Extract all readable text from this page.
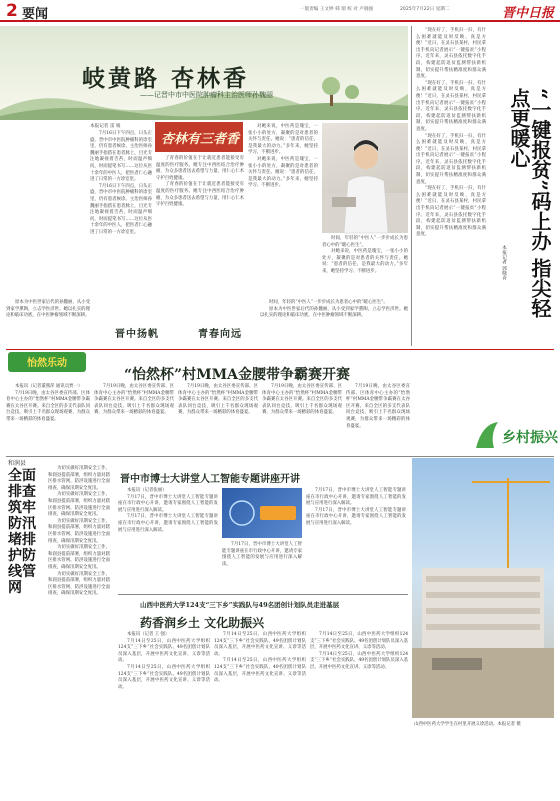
2 要闻	一版责编 王文婷 韩 瑞 校 对 卢晓强	2025年7月22日 星期二	晋中日报
岐黄路 杏林香
——记晋中市中医院肿瘤科主治医师孙魏丽
本报记者 雷 娟
杏林有三者香

7月16日下午四点，日头正盛，晋中市中医院肿瘤科的诊室里，仍有患者候诊。主治医师孙魏丽手指搭在患者脉上，目光专注地凝视着舌苔，时而温声细问，时而提笔书写……这位从医十余年的中医人，把医者仁心融进了日常的一方诊室里。

7月16日下午四点，日头正盛，晋中市中医院肿瘤科的诊室里，仍有患者候诊。主治医师孙魏丽手指搭在患者脉上，目光专注地凝视着舌苔，时而温声细问，时而提笔书写……这位从医十余年的中医人，把医者仁心融进了日常的一方诊室里。

了青春的价值在于让就近患者能接受有温度的医疗服务。她专注中西医结合治疗肿瘤，为众多患者送去希望与力量，用仁心仁术守护百姓健康。

了青春的价值在于让就近患者能接受有温度的医疗服务。她专注中西医结合治疗肿瘤，为众多患者送去希望与力量，用仁心仁术守护百姓健康。

对她来说，中医药是瑰宝，一张小小的处方，凝聚的是对患者的关怀与责任。她说：“患者的信任，是我最大的动力。”多年来，她坚持学习、不断进步。

对她来说，中医药是瑰宝，一张小小的处方，凝聚的是对患者的关怀与责任。她说：“患者的信任，是我最大的动力。”多年来，她坚持学习、不断进步。

时间，年轻的“中医人”一步步成长为患者心中的“暖心医生”。

对她来说，中医药是瑰宝，一张小小的处方，凝聚的是对患者的关怀与责任。她说：“患者的信任，是我最大的动力。”多年来，她坚持学习、不断进步。

原本为中医世家后代的孙魏丽，从小受到家学熏陶，立志学医济世。她以扎实的理论和临床功底，在中医肿瘤领域不断深耕。

晋中扬帆	青春向远

时间，年轻的“中医人”一步步成长为患者心中的“暖心医生”。

原本为中医世家后代的孙魏丽，从小受到家学熏陶，立志学医济世。她以扎实的理论和临床功底，在中医肿瘤领域不断深耕。

“现在好了，手机扫一扫，有什么困难就能及时反映，真是方便！”近日，在灵石县某村，村民拿出手机向记者展示“一键报贫”小程序。近年来，灵石县依托数字化手段，构建起防返贫监测帮扶新机制，切实提升帮扶精准度和群众满意度。

“现在好了，手机扫一扫，有什么困难就能及时反映，真是方便！”近日，在灵石县某村，村民拿出手机向记者展示“一键报贫”小程序。近年来，灵石县依托数字化手段，构建起防返贫监测帮扶新机制，切实提升帮扶精准度和群众满意度。

“现在好了，手机扫一扫，有什么困难就能及时反映，真是方便！”近日，在灵石县某村，村民拿出手机向记者展示“一键报贫”小程序。近年来，灵石县依托数字化手段，构建起防返贫监测帮扶新机制，切实提升帮扶精准度和群众满意度。

“现在好了，手机扫一扫，有什么困难就能及时反映，真是方便！”近日，在灵石县某村，村民拿出手机向记者展示“一键报贫”小程序。近年来，灵石县依托数字化手段，构建起防返贫监测帮扶新机制，切实提升帮扶精准度和群众满意度。	“一键报贫”码上办 指尖轻点更暖心
本报记者 郭晓青
怡然乐动
“怡然杯”村MMA金腰带争霸赛开赛

本报讯（记者董燕萍 通讯员贾一）

7月19日晚，由太谷区委宣传部、区体育中心主办的“怡然杯”村MMA金腰带争霸赛在太谷区开赛。来自全区的多支代表队同台竞技，吸引上千名群众现场观赛，为群众带来一场精彩的体育盛宴。

7月19日晚，由太谷区委宣传部、区体育中心主办的“怡然杯”村MMA金腰带争霸赛在太谷区开赛。来自全区的多支代表队同台竞技，吸引上千名群众现场观赛，为群众带来一场精彩的体育盛宴。

7月19日晚，由太谷区委宣传部、区体育中心主办的“怡然杯”村MMA金腰带争霸赛在太谷区开赛。来自全区的多支代表队同台竞技，吸引上千名群众现场观赛，为群众带来一场精彩的体育盛宴。

7月19日晚，由太谷区委宣传部、区体育中心主办的“怡然杯”村MMA金腰带争霸赛在太谷区开赛。来自全区的多支代表队同台竞技，吸引上千名群众现场观赛，为群众带来一场精彩的体育盛宴。

7月19日晚，由太谷区委宣传部、区体育中心主办的“怡然杯”村MMA金腰带争霸赛在太谷区开赛。来自全区的多支代表队同台竞技，吸引上千名群众现场观赛，为群众带来一场精彩的体育盛宴。

乡村振兴
和润县
全面排查 筑牢防汛 堵排 护防 线管网

为切实做好汛期安全工作，和润县提前部署，组织力量对辖区排水管网、防洪设施进行全面排查，确保汛期安全度汛。

为切实做好汛期安全工作，和润县提前部署，组织力量对辖区排水管网、防洪设施进行全面排查，确保汛期安全度汛。

为切实做好汛期安全工作，和润县提前部署，组织力量对辖区排水管网、防洪设施进行全面排查，确保汛期安全度汛。

为切实做好汛期安全工作，和润县提前部署，组织力量对辖区排水管网、防洪设施进行全面排查，确保汛期安全度汛。

为切实做好汛期安全工作，和润县提前部署，组织力量对辖区排水管网、防洪设施进行全面排查，确保汛期安全度汛。

晋中市博士大讲堂人工智能专题讲座开讲

本报讯（记者张丽）

7月17日，晋中市博士大讲堂人工智能专题讲座在市行政中心开讲，邀请专家围绕人工智能的发展与应用进行深入解读。

7月17日，晋中市博士大讲堂人工智能专题讲座在市行政中心开讲，邀请专家围绕人工智能的发展与应用进行深入解读。

7月17日，晋中市博士大讲堂人工智能专题讲座在市行政中心开讲，邀请专家围绕人工智能的发展与应用进行深入解读。

7月17日，晋中市博士大讲堂人工智能专题讲座在市行政中心开讲，邀请专家围绕人工智能的发展与应用进行深入解读。

7月17日，晋中市博士大讲堂人工智能专题讲座在市行政中心开讲，邀请专家围绕人工智能的发展与应用进行深入解读。

山西中医药大学124支“三下乡”实践队与49名团创计划队员走进基层
药香润乡土 文化助振兴

本报讯（记者 王 强）

7月14日至25日，山西中医药大学组织124支“三下乡”社会实践队、49名团创计划队员深入基层，开展中医药文化宣讲、义诊等活动。

7月14日至25日，山西中医药大学组织124支“三下乡”社会实践队、49名团创计划队员深入基层，开展中医药文化宣讲、义诊等活动。

7月14日至25日，山西中医药大学组织124支“三下乡”社会实践队、49名团创计划队员深入基层，开展中医药文化宣讲、义诊等活动。

7月14日至25日，山西中医药大学组织124支“三下乡”社会实践队、49名团创计划队员深入基层，开展中医药文化宣讲、义诊等活动。

7月14日至25日，山西中医药大学组织124支“三下乡”社会实践队、49名团创计划队员深入基层，开展中医药文化宣讲、义诊等活动。

7月14日至25日，山西中医药大学组织124支“三下乡”社会实践队、49名团创计划队员深入基层，开展中医药文化宣讲、义诊等活动。

山西中医药大学学生在村里开展义诊活动。本报记者 摄
